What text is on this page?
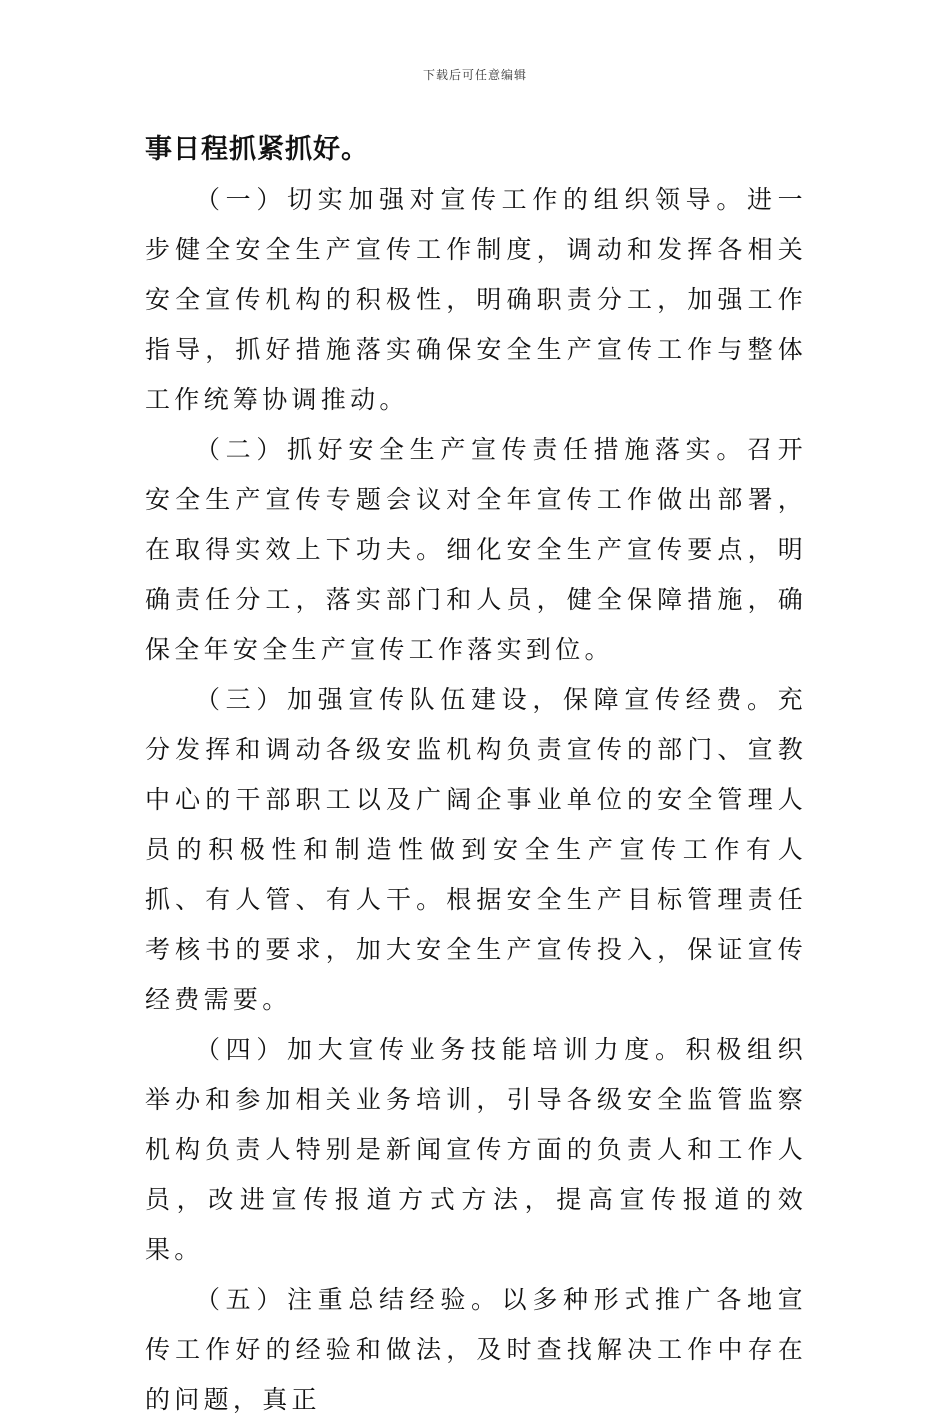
下载后可任意编辑

事日程抓紧抓好。

（一）切实加强对宣传工作的组织领导。进一步健全安全生产宣传工作制度，调动和发挥各相关安全宣传机构的积极性，明确职责分工，加强工作指导，抓好措施落实确保安全生产宣传工作与整体工作统筹协调推动。

（二）抓好安全生产宣传责任措施落实。召开安全生产宣传专题会议对全年宣传工作做出部署，在取得实效上下功夫。细化安全生产宣传要点，明确责任分工，落实部门和人员，健全保障措施，确保全年安全生产宣传工作落实到位。

（三）加强宣传队伍建设，保障宣传经费。充分发挥和调动各级安监机构负责宣传的部门、宣教中心的干部职工以及广阔企事业单位的安全管理人员的积极性和制造性做到安全生产宣传工作有人抓、有人管、有人干。根据安全生产目标管理责任考核书的要求，加大安全生产宣传投入，保证宣传经费需要。

（四）加大宣传业务技能培训力度。积极组织举办和参加相关业务培训，引导各级安全监管监察机构负责人特别是新闻宣传方面的负责人和工作人员，改进宣传报道方式方法，提高宣传报道的效果。

（五）注重总结经验。以多种形式推广各地宣传工作好的经验和做法，及时查找解决工作中存在的问题，真正
